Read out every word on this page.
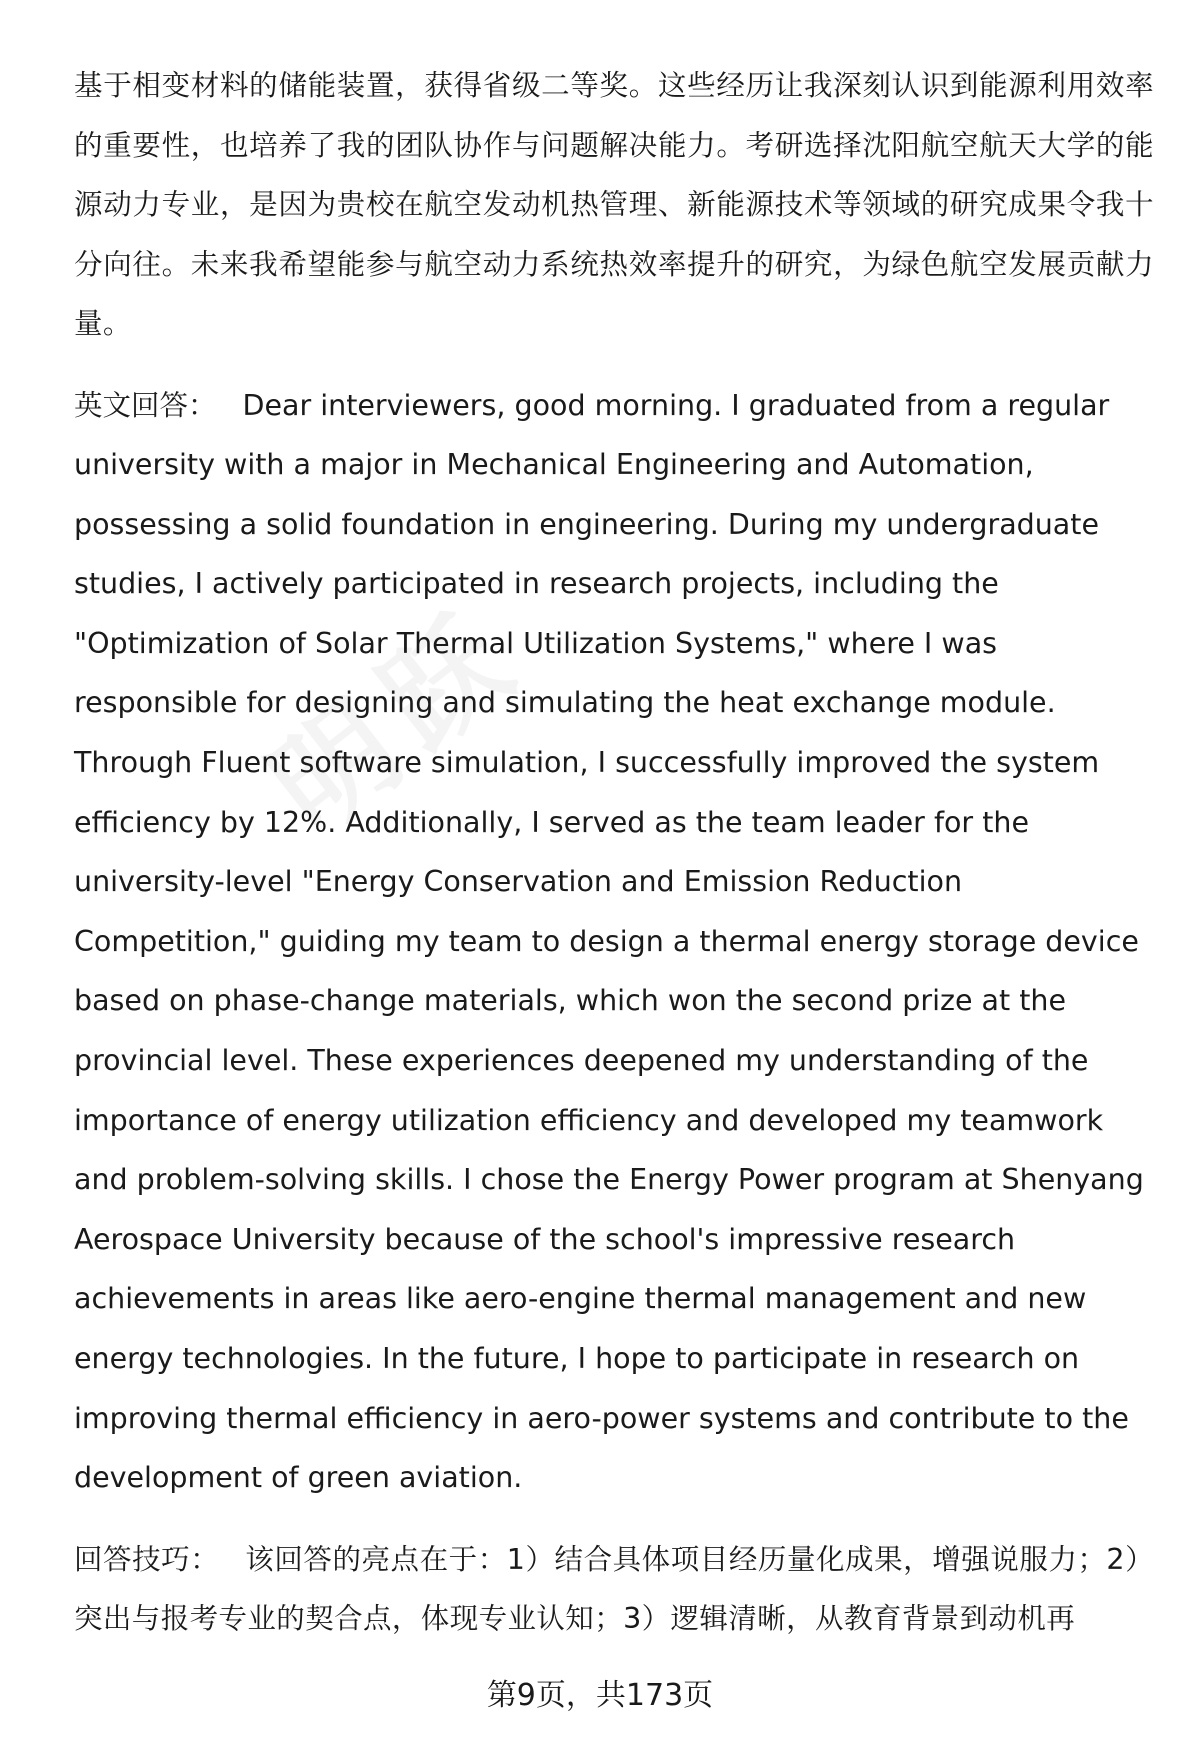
基于相变材料的储能装置，获得省级二等奖。这些经历让我深刻认识到能源利用效率的重要性，也培养了我的团队协作与问题解决能力。考研选择沈阳航空航天大学的能源动力专业，是因为贵校在航空发动机热管理、新能源技术等领域的研究成果令我十分向往。未来我希望能参与航空动力系统热效率提升的研究，为绿色航空发展贡献力量。

英文回答： Dear interviewers, good morning. I graduated from a regular university with a major in Mechanical Engineering and Automation, possessing a solid foundation in engineering. During my undergraduate studies, I actively participated in research projects, including the "Optimization of Solar Thermal Utilization Systems," where I was responsible for designing and simulating the heat exchange module. Through Fluent software simulation, I successfully improved the system efficiency by 12%. Additionally, I served as the team leader for the university-level "Energy Conservation and Emission Reduction Competition," guiding my team to design a thermal energy storage device based on phase-change materials, which won the second prize at the provincial level. These experiences deepened my understanding of the importance of energy utilization efficiency and developed my teamwork and problem-solving skills. I chose the Energy Power program at Shenyang Aerospace University because of the school's impressive research achievements in areas like aero-engine thermal management and new energy technologies. In the future, I hope to participate in research on improving thermal efficiency in aero-power systems and contribute to the development of green aviation.

回答技巧： 该回答的亮点在于：1）结合具体项目经历量化成果，增强说服力；2）突出与报考专业的契合点，体现专业认知；3）逻辑清晰，从教育背景到动机再

第9页，共173页
